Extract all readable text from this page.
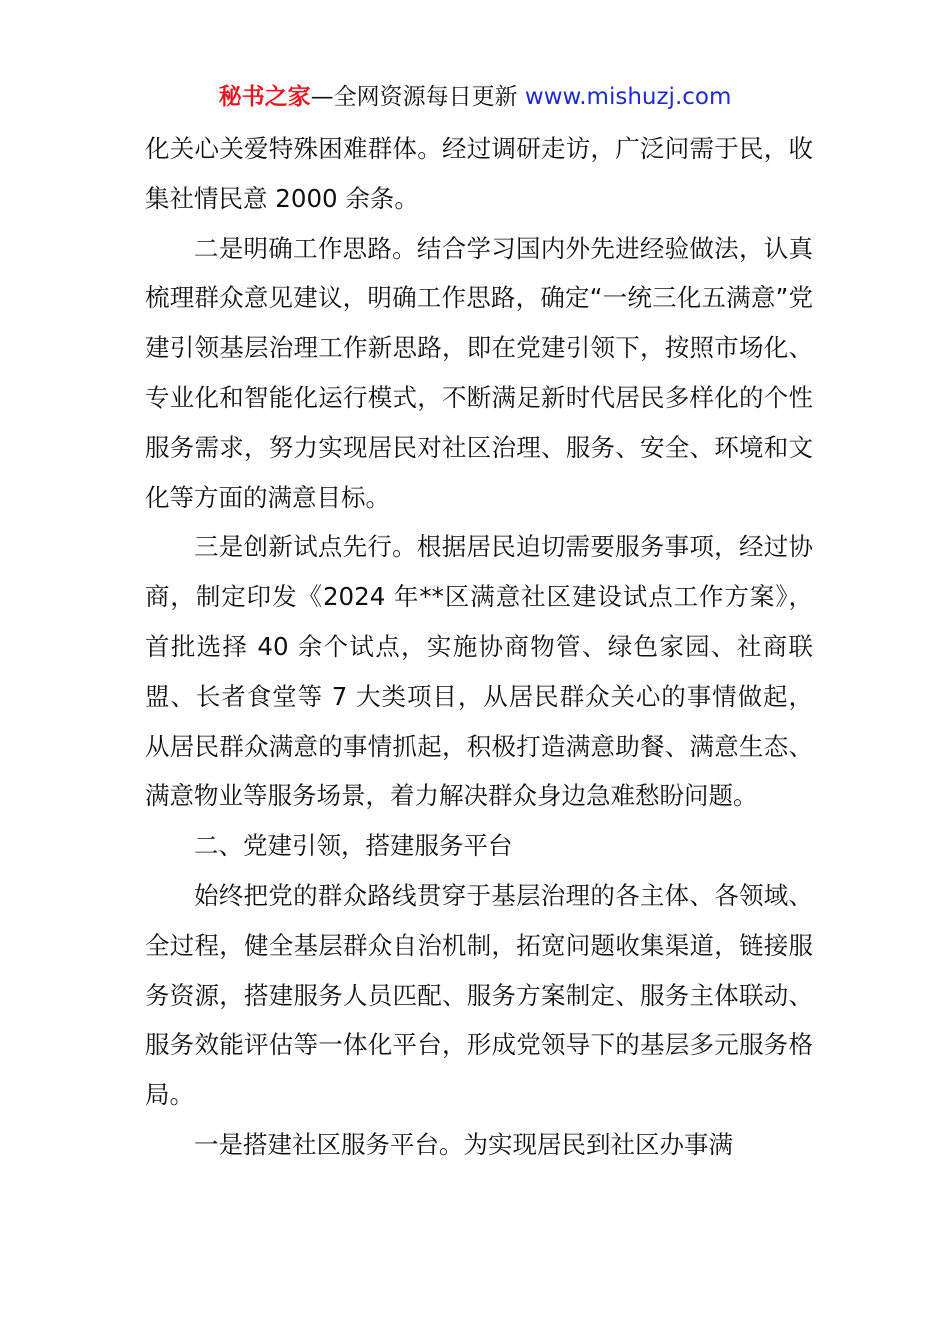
秘书之家—全网资源每日更新 www.mishuzj.com

化关心关爱特殊困难群体。经过调研走访，广泛问需于民，收集社情民意 2000 余条。

二是明确工作思路。结合学习国内外先进经验做法，认真梳理群众意见建议，明确工作思路，确定“一统三化五满意”党建引领基层治理工作新思路，即在党建引领下，按照市场化、专业化和智能化运行模式，不断满足新时代居民多样化的个性服务需求，努力实现居民对社区治理、服务、安全、环境和文化等方面的满意目标。

三是创新试点先行。根据居民迫切需要服务事项，经过协商，制定印发《2024 年**区满意社区建设试点工作方案》，首批选择 40 余个试点，实施协商物管、绿色家园、社商联盟、长者食堂等 7 大类项目，从居民群众关心的事情做起，从居民群众满意的事情抓起，积极打造满意助餐、满意生态、满意物业等服务场景，着力解决群众身边急难愁盼问题。

二、党建引领，搭建服务平台

始终把党的群众路线贯穿于基层治理的各主体、各领域、全过程，健全基层群众自治机制，拓宽问题收集渠道，链接服务资源，搭建服务人员匹配、服务方案制定、服务主体联动、服务效能评估等一体化平台，形成党领导下的基层多元服务格局。

一是搭建社区服务平台。为实现居民到社区办事满
